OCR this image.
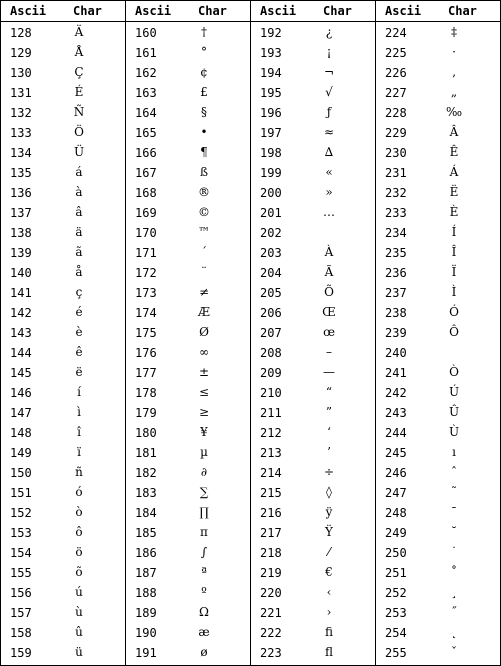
Ascii Char
128	Ä
129	Å
130	Ç
131	É
132	Ñ
133	Ö
134	Ü
135	á
136	à
137	â
138	ä
139	ã
140	å
141	ç
142	é
143	è
144	ê
145	ë
146	í
147	ì
148	î
149	ï
150	ñ
151	ó
152	ò
153	ô
154	ö
155	õ
156	ú
157	ù
158	û
159	ü
Ascii Char
160	†
161	°
162	¢
163	£
164	§
165	•
166	¶
167	ß
168	®
169	©
170	™
171	´
172	¨
173	≠
174	Æ
175	Ø
176	∞
177	±
178	≤
179	≥
180	¥
181	µ
182	∂
183	∑
184	∏
185	π
186	∫
187	ª
188	º
189	Ω
190	æ
191	ø
Ascii Char
192	¿
193	¡
194	¬
195	√
196	ƒ
197	≈
198	∆
199	«
200	»
201	…
202
203	À
204	Ã
205	Õ
206	Œ
207	œ
208	–
209	—
210	“
211	”
212	‘
213	’
214	÷
215	◊
216	ÿ
217	Ÿ
218	⁄
219	€
220	‹
221	›
222	ﬁ
223	ﬂ
Ascii Char
224	‡
225	·
226	‚
227	„
228	‰
229	Â
230	Ê
231	Á
232	Ë
233	È
234	Í
235	Î
236	Ï
237	Ì
238	Ó
239	Ô
240
241	Ò
242	Ú
243	Û
244	Ù
245	ı
246	ˆ
247	˜
248	¯
249	˘
250	˙
251	˚
252	¸
253	˝
254	˛
255	ˇ
